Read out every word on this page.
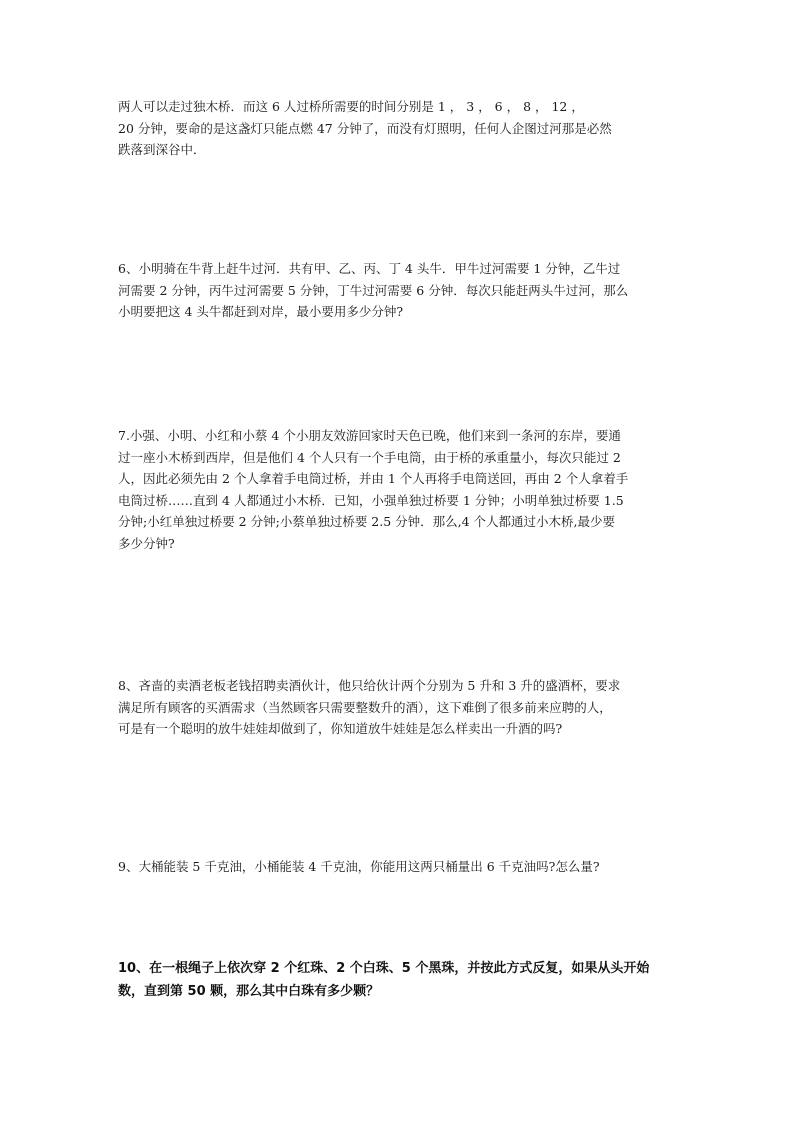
两人可以走过独木桥．而这 6 人过桥所需要的时间分别是 1 ， 3 ， 6 ， 8 ， 12 ，
20 分钟，要命的是这盏灯只能点燃 47 分钟了，而没有灯照明，任何人企图过河那是必然
跌落到深谷中．
6、小明骑在牛背上赶牛过河．共有甲、乙、丙、丁 4 头牛．甲牛过河需要 1 分钟，乙牛过
河需要 2 分钟，丙牛过河需要 5 分钟，丁牛过河需要 6 分钟．每次只能赶两头牛过河，那么
小明要把这 4 头牛都赶到对岸，最小要用多少分钟?
7.小强、小明、小红和小蔡 4 个小朋友效游回家时天色已晚，他们来到一条河的东岸，要通
过一座小木桥到西岸，但是他们 4 个人只有一个手电筒，由于桥的承重量小，每次只能过 2
人，因此必须先由 2 个人拿着手电筒过桥，并由 1 个人再将手电筒送回，再由 2 个人拿着手
电筒过桥……直到 4 人都通过小木桥．已知，小强单独过桥要 1 分钟；小明单独过桥要 1.5
分钟;小红单独过桥要 2 分钟;小蔡单独过桥要 2.5 分钟．那么,4 个人都通过小木桥,最少要
多少分钟?
8、吝啬的卖酒老板老钱招聘卖酒伙计，他只给伙计两个分别为 5 升和 3 升的盛酒杯，要求
满足所有顾客的买酒需求（当然顾客只需要整数升的酒），这下难倒了很多前来应聘的人，
可是有一个聪明的放牛娃娃却做到了，你知道放牛娃娃是怎么样卖出一升酒的吗?
9、大桶能装 5 千克油，小桶能装 4 千克油，你能用这两只桶量出 6 千克油吗?怎么量?
10、在一根绳子上依次穿 2 个红珠、2 个白珠、5 个黑珠，并按此方式反复，如果从头开始
数，直到第 50 颗，那么其中白珠有多少颗？
